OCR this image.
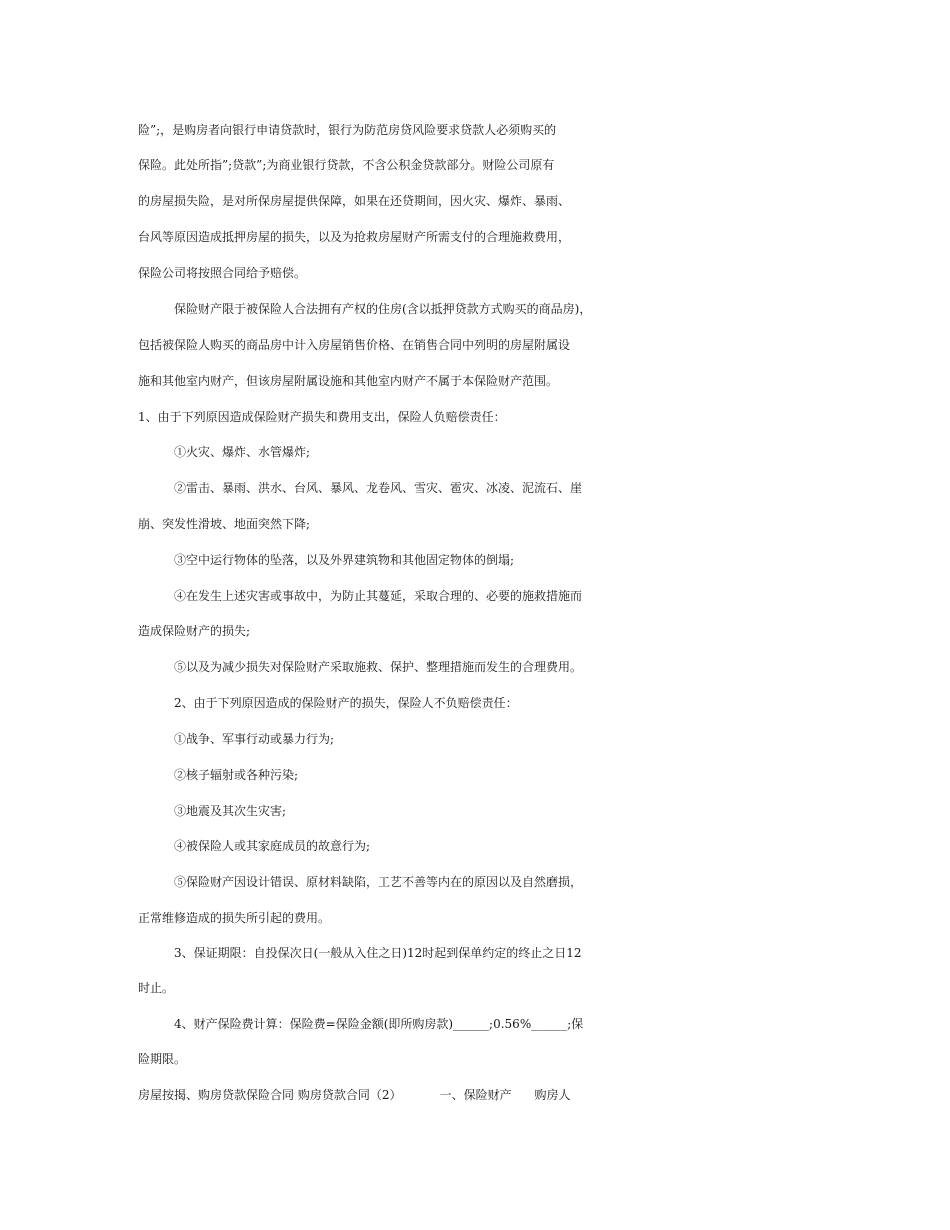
险”;，是购房者向银行申请贷款时，银行为防范房贷风险要求贷款人必须购买的
保险。此处所指”;贷款”;为商业银行贷款，不含公积金贷款部分。财险公司原有
的房屋损失险，是对所保房屋提供保障，如果在还贷期间，因火灾、爆炸、暴雨、
台风等原因造成抵押房屋的损失，以及为抢救房屋财产所需支付的合理施救费用，
保险公司将按照合同给予赔偿。
保险财产限于被保险人合法拥有产权的住房(含以抵押贷款方式购买的商品房)，
包括被保险人购买的商品房中计入房屋销售价格、在销售合同中列明的房屋附属设
施和其他室内财产，但该房屋附属设施和其他室内财产不属于本保险财产范围。
1、由于下列原因造成保险财产损失和费用支出，保险人负赔偿责任：
①火灾、爆炸、水管爆炸;
②雷击、暴雨、洪水、台风、暴风、龙卷风、雪灾、雹灾、冰凌、泥流石、崖
崩、突发性滑坡、地面突然下降;
③空中运行物体的坠落，以及外界建筑物和其他固定物体的倒塌;
④在发生上述灾害或事故中，为防止其蔓延，采取合理的、必要的施救措施而
造成保险财产的损失;
⑤以及为减少损失对保险财产采取施救、保护、整理措施而发生的合理费用。
2、由于下列原因造成的保险财产的损失，保险人不负赔偿责任：
①战争、军事行动或暴力行为;
②核子辐射或各种污染;
③地震及其次生灾害;
④被保险人或其家庭成员的故意行为;
⑤保险财产因设计错误、原材料缺陷，工艺不善等内在的原因以及自然磨损，
正常维修造成的损失所引起的费用。
3、保证期限：自投保次日(一般从入住之日)12时起到保单约定的终止之日12
时止。
4、财产保险费计算：保险费=保险金额(即所购房款)______;0.56%______;保
险期限。
房屋按揭、购房贷款保险合同 购房贷款合同（2）          一、保险财产      购房人
